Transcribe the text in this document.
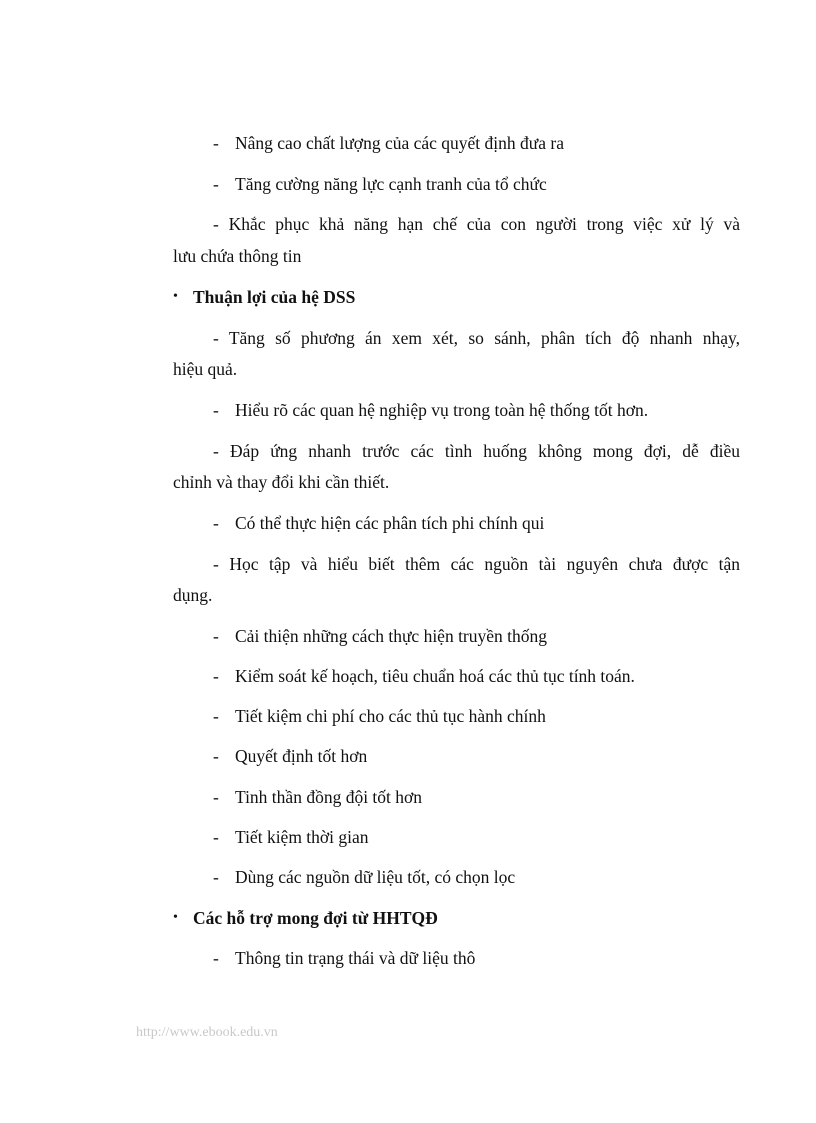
- Nâng cao chất lượng của các quyết định đưa ra

- Tăng cường năng lực cạnh tranh của tổ chức

- Khắc phục khả năng hạn chế của con người trong việc xử lý và

lưu chứa thông tin

• Thuận lợi của hệ DSS

- Tăng số phương án xem xét, so sánh, phân tích độ nhanh nhạy,

hiệu quả.

- Hiểu rõ các quan hệ nghiệp vụ trong toàn hệ thống tốt hơn.

- Đáp ứng nhanh trước các tình huống không mong đợi, dễ điều

chỉnh và thay đổi khi cần thiết.

- Có thể thực hiện các phân tích phi chính qui

- Học tập và hiểu biết thêm các nguồn tài nguyên chưa được tận

dụng.

- Cải thiện những cách thực hiện truyền thống

- Kiểm soát kế hoạch, tiêu chuẩn hoá các thủ tục tính toán.

- Tiết kiệm chi phí cho các thủ tục hành chính

- Quyết định tốt hơn

- Tinh thần đồng đội tốt hơn

- Tiết kiệm thời gian

- Dùng các nguồn dữ liệu tốt, có chọn lọc

• Các hỗ trợ mong đợi từ HHTQĐ

- Thông tin trạng thái và dữ liệu thô

http://www.ebook.edu.vn
